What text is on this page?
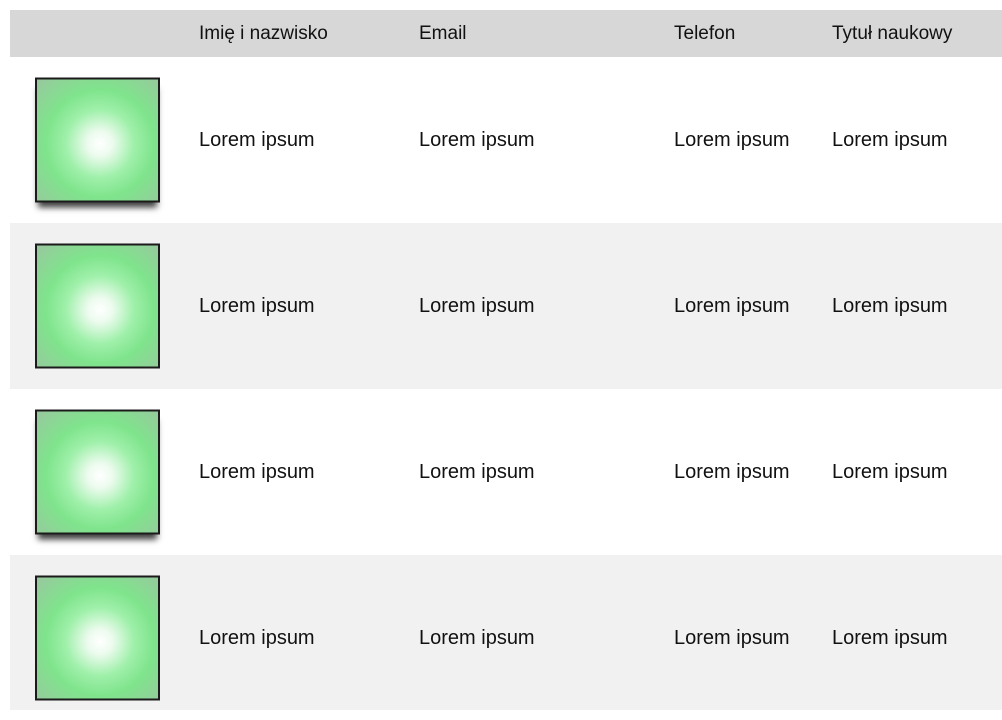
Imię i nazwisko	Email	Telefon	Tytuł naukowy
Lorem ipsum	Lorem ipsum	Lorem ipsum	Lorem ipsum
Lorem ipsum	Lorem ipsum	Lorem ipsum	Lorem ipsum
Lorem ipsum	Lorem ipsum	Lorem ipsum	Lorem ipsum
Lorem ipsum	Lorem ipsum	Lorem ipsum	Lorem ipsum
